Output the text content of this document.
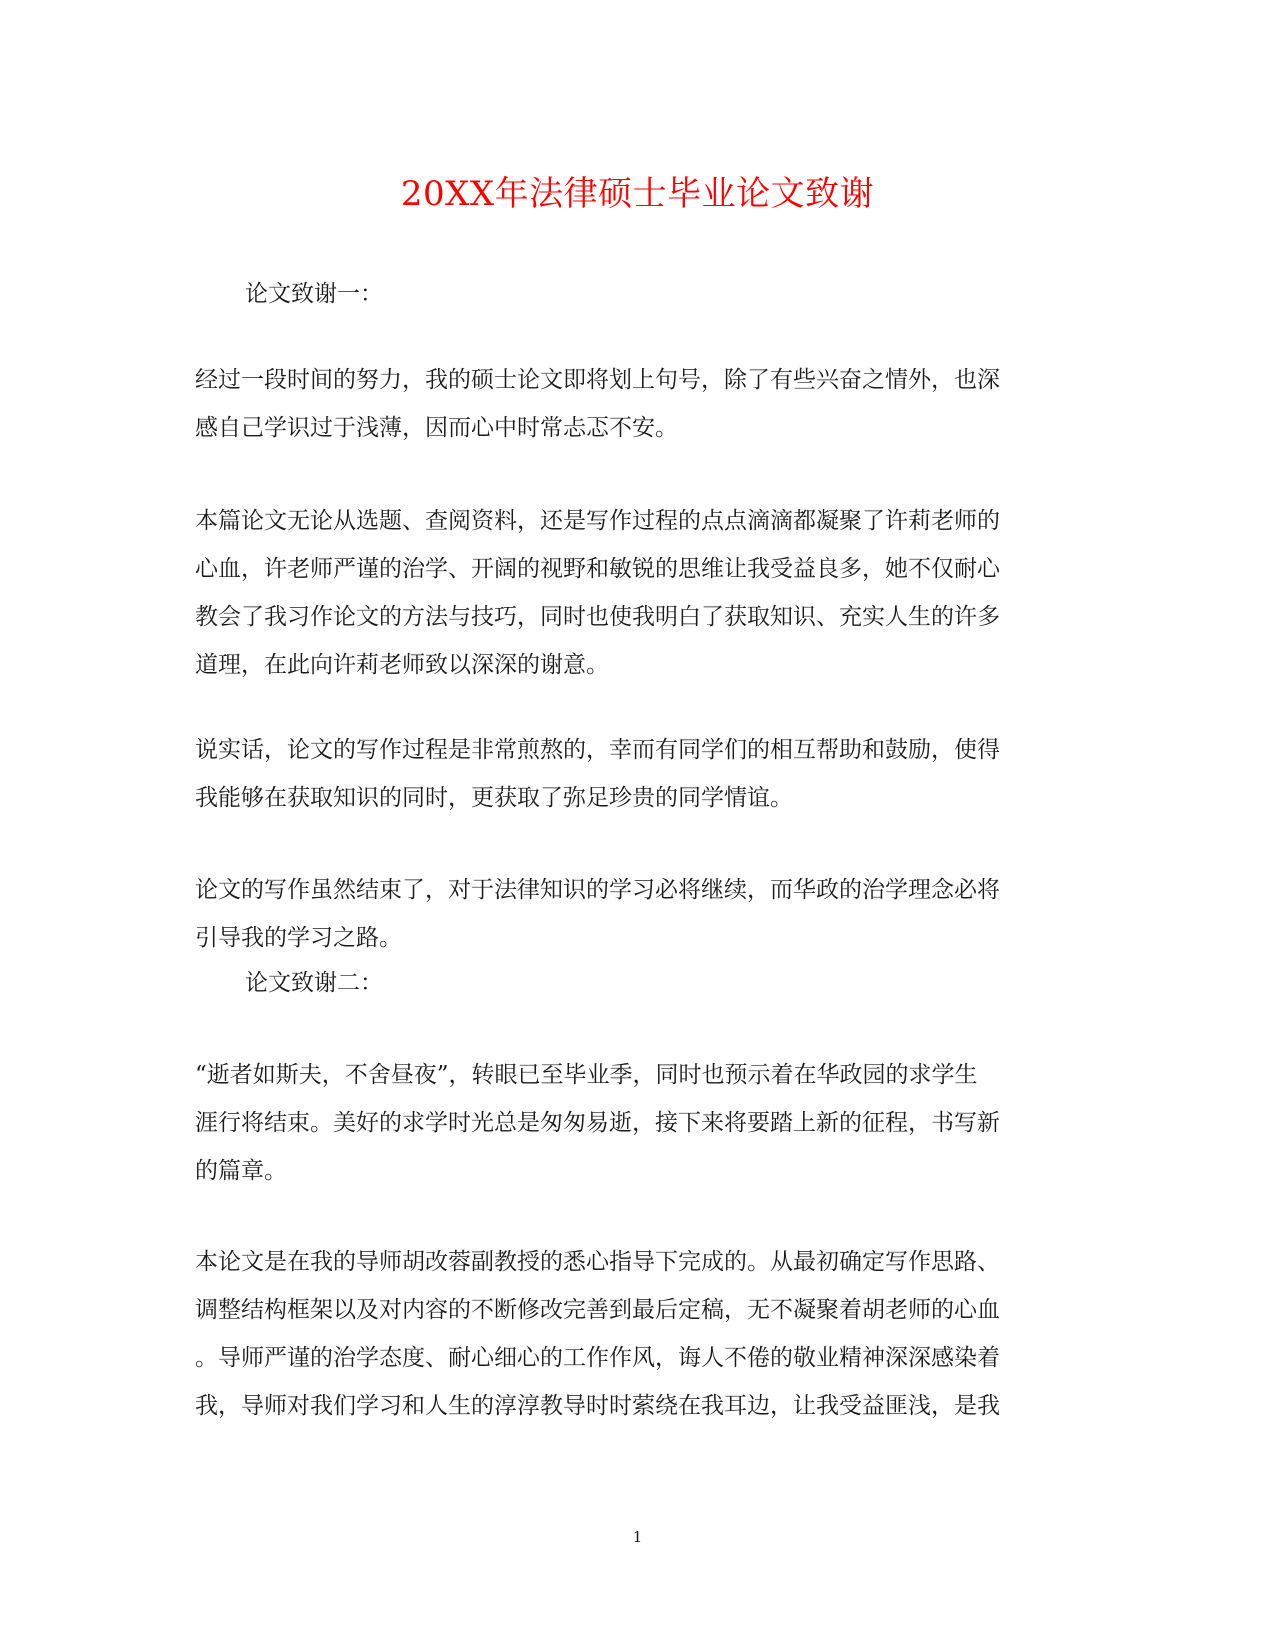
20XX年法律硕士毕业论文致谢
论文致谢一：
经过一段时间的努力，我的硕士论文即将划上句号，除了有些兴奋之情外，也深
感自己学识过于浅薄，因而心中时常忐忑不安。
本篇论文无论从选题、查阅资料，还是写作过程的点点滴滴都凝聚了许莉老师的
心血，许老师严谨的治学、开阔的视野和敏锐的思维让我受益良多，她不仅耐心
教会了我习作论文的方法与技巧，同时也使我明白了获取知识、充实人生的许多
道理，在此向许莉老师致以深深的谢意。
说实话，论文的写作过程是非常煎熬的，幸而有同学们的相互帮助和鼓励，使得
我能够在获取知识的同时，更获取了弥足珍贵的同学情谊。
论文的写作虽然结束了，对于法律知识的学习必将继续，而华政的治学理念必将
引导我的学习之路。
论文致谢二：
“逝者如斯夫，不舍昼夜”，转眼已至毕业季，同时也预示着在华政园的求学生
涯行将结束。美好的求学时光总是匆匆易逝，接下来将要踏上新的征程，书写新
的篇章。
本论文是在我的导师胡改蓉副教授的悉心指导下完成的。从最初确定写作思路、
调整结构框架以及对内容的不断修改完善到最后定稿，无不凝聚着胡老师的心血
。导师严谨的治学态度、耐心细心的工作作风，诲人不倦的敬业精神深深感染着
我，导师对我们学习和人生的淳淳教导时时萦绕在我耳边，让我受益匪浅，是我
1
